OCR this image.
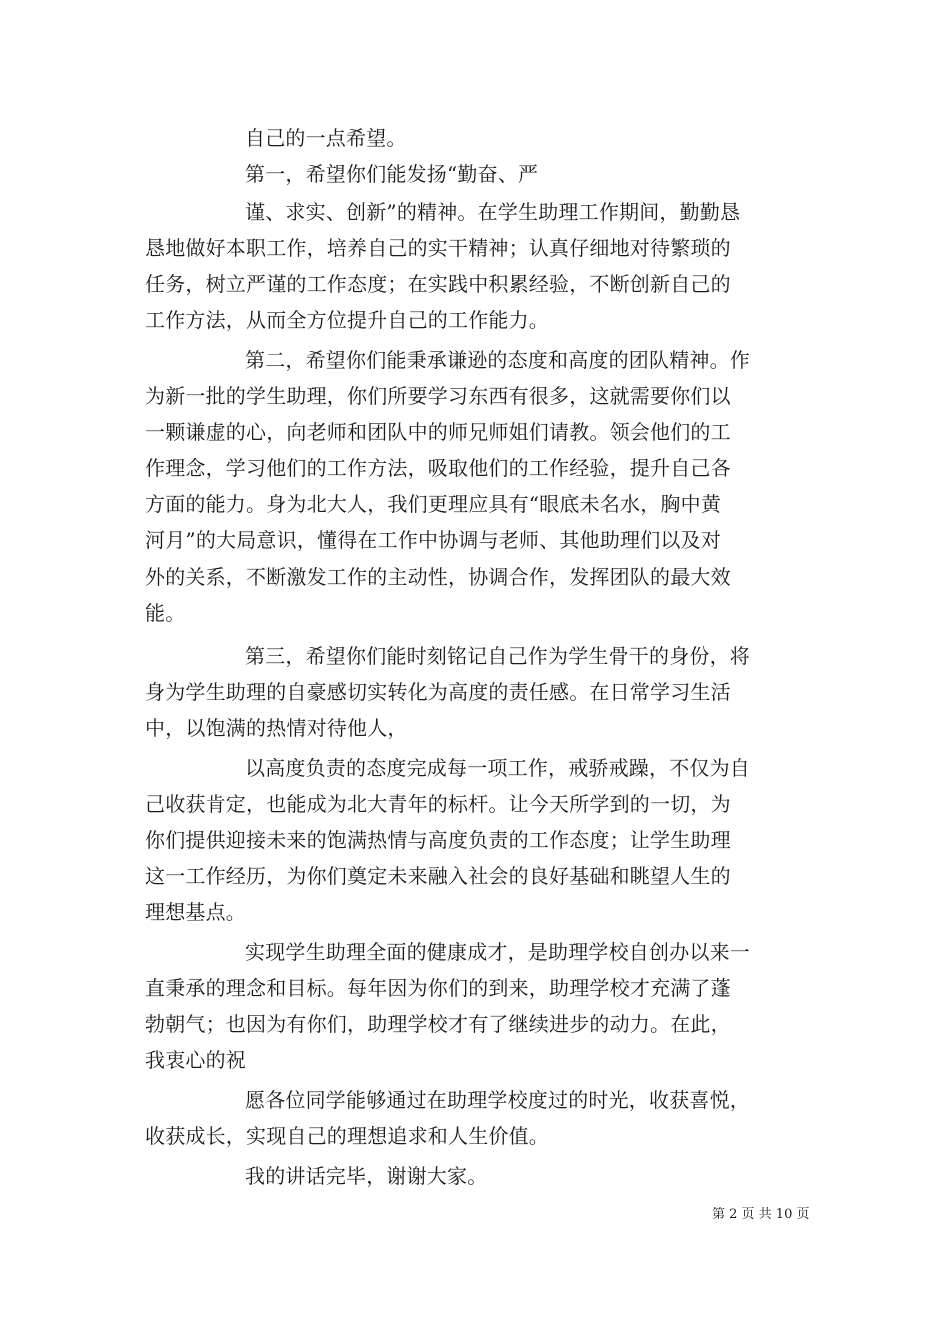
自己的一点希望。
第一，希望你们能发扬“勤奋、严
谨、求实、创新”的精神。在学生助理工作期间，勤勤恳
恳地做好本职工作，培养自己的实干精神；认真仔细地对待繁琐的
任务，树立严谨的工作态度；在实践中积累经验，不断创新自己的
工作方法，从而全方位提升自己的工作能力。
第二，希望你们能秉承谦逊的态度和高度的团队精神。作
为新一批的学生助理，你们所要学习东西有很多，这就需要你们以
一颗谦虚的心，向老师和团队中的师兄师姐们请教。领会他们的工
作理念，学习他们的工作方法，吸取他们的工作经验，提升自己各
方面的能力。身为北大人，我们更理应具有“眼底未名水，胸中黄
河月”的大局意识，懂得在工作中协调与老师、其他助理们以及对
外的关系，不断激发工作的主动性，协调合作，发挥团队的最大效
能。
第三，希望你们能时刻铭记自己作为学生骨干的身份，将
身为学生助理的自豪感切实转化为高度的责任感。在日常学习生活
中，以饱满的热情对待他人，
以高度负责的态度完成每一项工作，戒骄戒躁，不仅为自
己收获肯定，也能成为北大青年的标杆。让今天所学到的一切，为
你们提供迎接未来的饱满热情与高度负责的工作态度；让学生助理
这一工作经历，为你们奠定未来融入社会的良好基础和眺望人生的
理想基点。
实现学生助理全面的健康成才，是助理学校自创办以来一
直秉承的理念和目标。每年因为你们的到来，助理学校才充满了蓬
勃朝气；也因为有你们，助理学校才有了继续进步的动力。在此，
我衷心的祝
愿各位同学能够通过在助理学校度过的时光，收获喜悦，
收获成长，实现自己的理想追求和人生价值。
我的讲话完毕，谢谢大家。
第 2 页 共 10 页
